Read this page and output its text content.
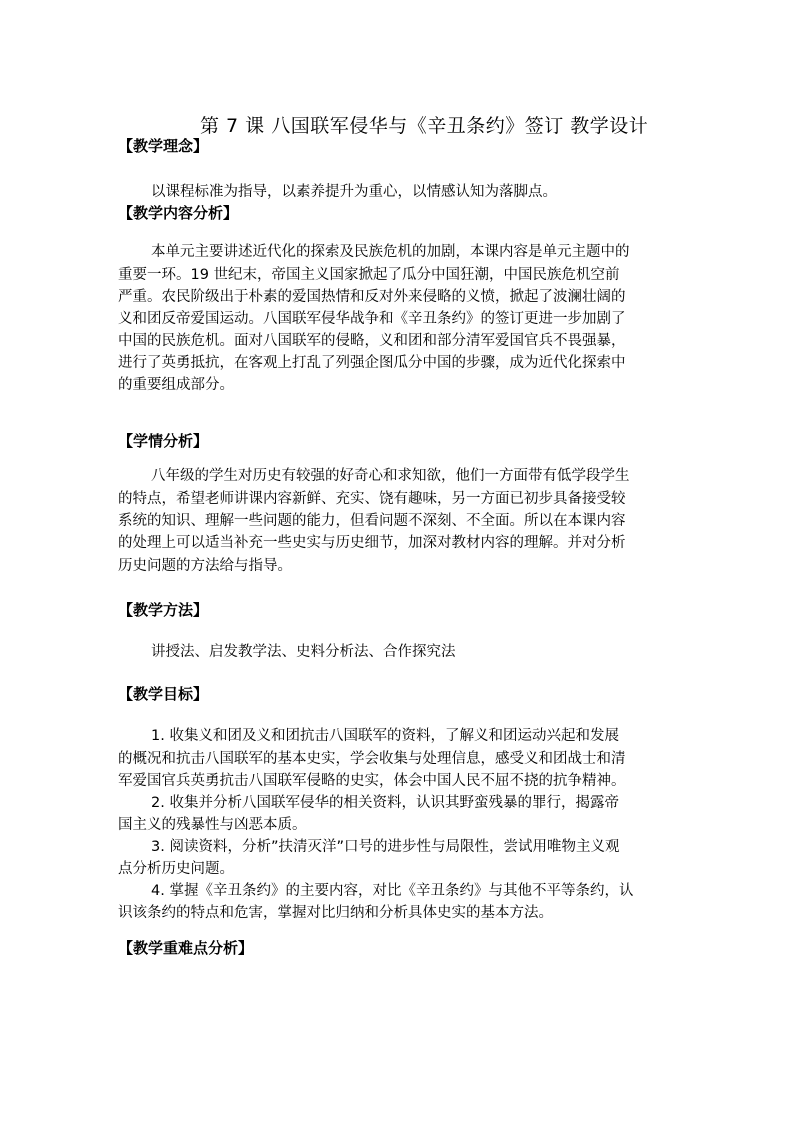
第 7 课 八国联军侵华与《辛丑条约》签订 教学设计
【教学理念】
以课程标准为指导，以素养提升为重心，以情感认知为落脚点。
【教学内容分析】
本单元主要讲述近代化的探索及民族危机的加剧，本课内容是单元主题中的
重要一环。19 世纪末，帝国主义国家掀起了瓜分中国狂潮，中国民族危机空前
严重。农民阶级出于朴素的爱国热情和反对外来侵略的义愤，掀起了波澜壮阔的
义和团反帝爱国运动。八国联军侵华战争和《辛丑条约》的签订更进一步加剧了
中国的民族危机。面对八国联军的侵略，义和团和部分清军爱国官兵不畏强暴，
进行了英勇抵抗，在客观上打乱了列强企图瓜分中国的步骤，成为近代化探索中
的重要组成部分。
【学情分析】
八年级的学生对历史有较强的好奇心和求知欲，他们一方面带有低学段学生
的特点，希望老师讲课内容新鲜、充实、饶有趣味，另一方面已初步具备接受较
系统的知识、理解一些问题的能力，但看问题不深刻、不全面。所以在本课内容
的处理上可以适当补充一些史实与历史细节，加深对教材内容的理解。并对分析
历史问题的方法给与指导。
【教学方法】
讲授法、启发教学法、史料分析法、合作探究法
【教学目标】
1. 收集义和团及义和团抗击八国联军的资料，了解义和团运动兴起和发展
的概况和抗击八国联军的基本史实，学会收集与处理信息，感受义和团战士和清
军爱国官兵英勇抗击八国联军侵略的史实，体会中国人民不屈不挠的抗争精神。
2. 收集并分析八国联军侵华的相关资料，认识其野蛮残暴的罪行，揭露帝
国主义的残暴性与凶恶本质。
3. 阅读资料，分析”扶清灭洋”口号的进步性与局限性，尝试用唯物主义观
点分析历史问题。
4. 掌握《辛丑条约》的主要内容，对比《辛丑条约》与其他不平等条约，认
识该条约的特点和危害，掌握对比归纳和分析具体史实的基本方法。
【教学重难点分析】
